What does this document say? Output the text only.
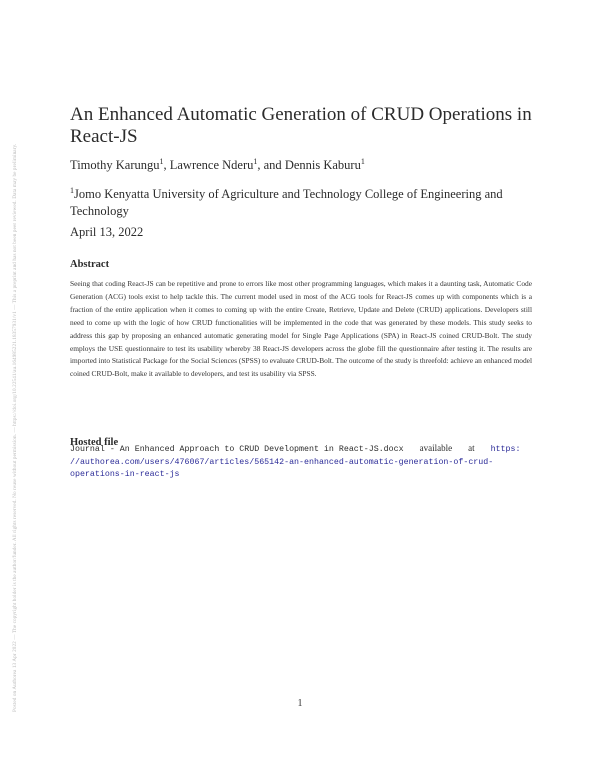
Posted on Authorea 13 Apr 2022 — The copyright holder is the author/funder. All rights reserved. No reuse without permission. — https://doi.org/10.22541/au.164985221.18357931/v1 — This a preprint and has not been peer reviewed. Data may be preliminary.
An Enhanced Automatic Generation of CRUD Operations in React-JS
Timothy Karungu$^1$, Lawrence Nderu$^1$, and Dennis Kaburu$^1$
$^1$Jomo Kenyatta University of Agriculture and Technology College of Engineering and Technology
April 13, 2022
Abstract

Seeing that coding React-JS can be repetitive and prone to errors like most other programming languages, which makes it a daunting task, Automatic Code Generation (ACG) tools exist to help tackle this. The current model used in most of the ACG tools for React-JS comes up with components which is a fraction of the entire application when it comes to coming up with the entire Create, Retrieve, Update and Delete (CRUD) applications. Developers still need to come up with the logic of how CRUD functionalities will be implemented in the code that was generated by these models. This study seeks to address this gap by proposing an enhanced automatic generating model for Single Page Applications (SPA) in React-JS coined CRUD-Bolt. The study employs the USE questionnaire to test its usability whereby 38 React-JS developers across the globe fill the questionnaire after testing it. The results are imported into Statistical Package for the Social Sciences (SPSS) to evaluate CRUD-Bolt. The outcome of the study is threefold: achieve an enhanced model coined CRUD-Bolt, make it available to developers, and test its usability via SPSS.

Hosted file

Journal - An Enhanced Approach to CRUD Development in React-JS.docx available at https:
//authorea.com/users/476067/articles/565142-an-enhanced-automatic-generation-of-crud-
operations-in-react-js
1
